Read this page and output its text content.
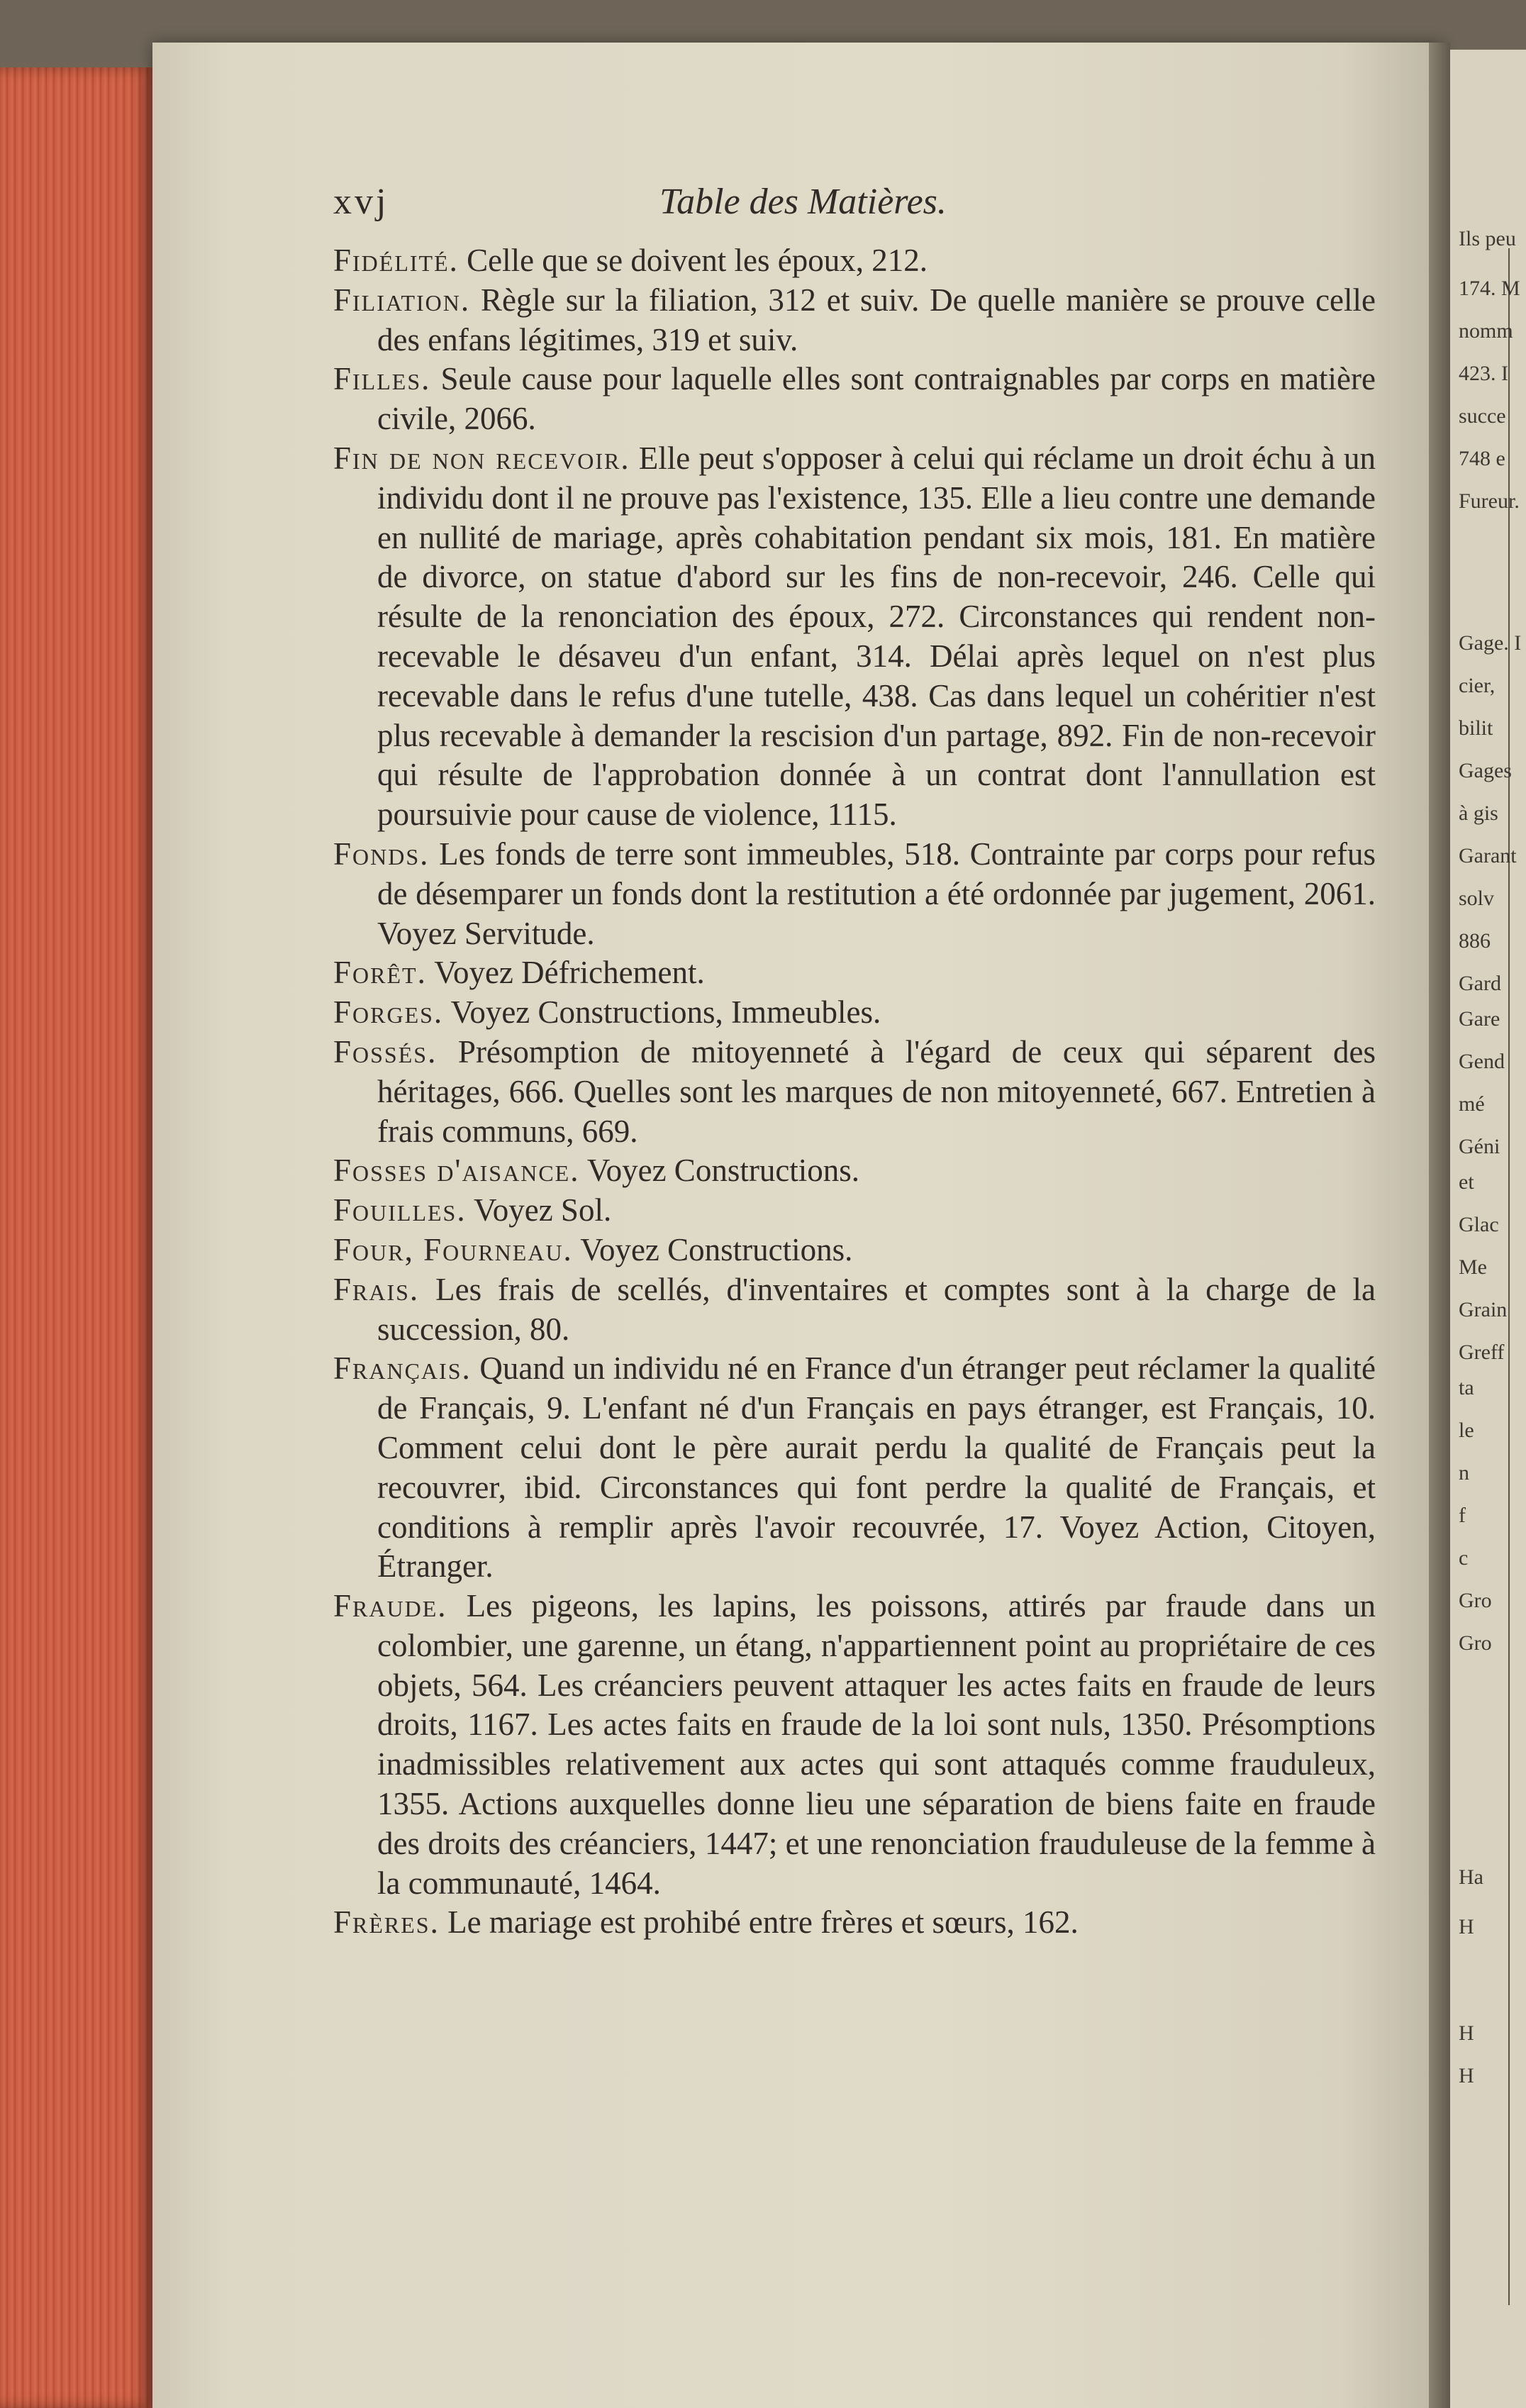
Ils peu
174. M
nomm
423. I
succe
748 e
Fureur.
Gage. I
cier,
bilit
Gages
à gis
Garant
solv
886
Gard
Gare
Gend
mé
Géni
et
Glac
Me
Grain
Greff
ta
le
n
f
c
Gro
Gro
Ha
H
H
H
xvj	Table des Matières.

Fidélité. Celle que se doivent les époux, 212.

Filiation. Règle sur la filiation, 312 et suiv. De quelle manière se prouve celle des enfans légitimes, 319 et suiv.

Filles. Seule cause pour laquelle elles sont contraignables par corps en matière civile, 2066.

Fin de non recevoir. Elle peut s'opposer à celui qui réclame un droit échu à un individu dont il ne prouve pas l'existence, 135. Elle a lieu contre une demande en nullité de mariage, après cohabitation pendant six mois, 181. En matière de divorce, on statue d'abord sur les fins de non-recevoir, 246. Celle qui résulte de la renonciation des époux, 272. Circonstances qui rendent non-recevable le désaveu d'un enfant, 314. Délai après lequel on n'est plus recevable dans le refus d'une tutelle, 438. Cas dans lequel un cohéritier n'est plus recevable à demander la rescision d'un partage, 892. Fin de non-recevoir qui résulte de l'approbation donnée à un contrat dont l'annullation est poursuivie pour cause de violence, 1115.

Fonds. Les fonds de terre sont immeubles, 518. Contrainte par corps pour refus de désemparer un fonds dont la restitution a été ordonnée par jugement, 2061. Voyez Servitude.

Forêt. Voyez Défrichement.

Forges. Voyez Constructions, Immeubles.

Fossés. Présomption de mitoyenneté à l'égard de ceux qui séparent des héritages, 666. Quelles sont les marques de non mitoyenneté, 667. Entretien à frais communs, 669.

Fosses d'aisance. Voyez Constructions.

Fouilles. Voyez Sol.

Four, Fourneau. Voyez Constructions.

Frais. Les frais de scellés, d'inventaires et comptes sont à la charge de la succession, 80.

Français. Quand un individu né en France d'un étranger peut réclamer la qualité de Français, 9. L'enfant né d'un Français en pays étranger, est Français, 10. Comment celui dont le père aurait perdu la qualité de Français peut la recouvrer, ibid. Circonstances qui font perdre la qualité de Français, et conditions à remplir après l'avoir recouvrée, 17. Voyez Action, Citoyen, Étranger.

Fraude. Les pigeons, les lapins, les poissons, attirés par fraude dans un colombier, une garenne, un étang, n'appartiennent point au propriétaire de ces objets, 564. Les créanciers peuvent attaquer les actes faits en fraude de leurs droits, 1167. Les actes faits en fraude de la loi sont nuls, 1350. Présomptions inadmissibles relativement aux actes qui sont attaqués comme frauduleux, 1355. Actions auxquelles donne lieu une séparation de biens faite en fraude des droits des créanciers, 1447; et une renonciation frauduleuse de la femme à la communauté, 1464.

Frères. Le mariage est prohibé entre frères et sœurs, 162.
